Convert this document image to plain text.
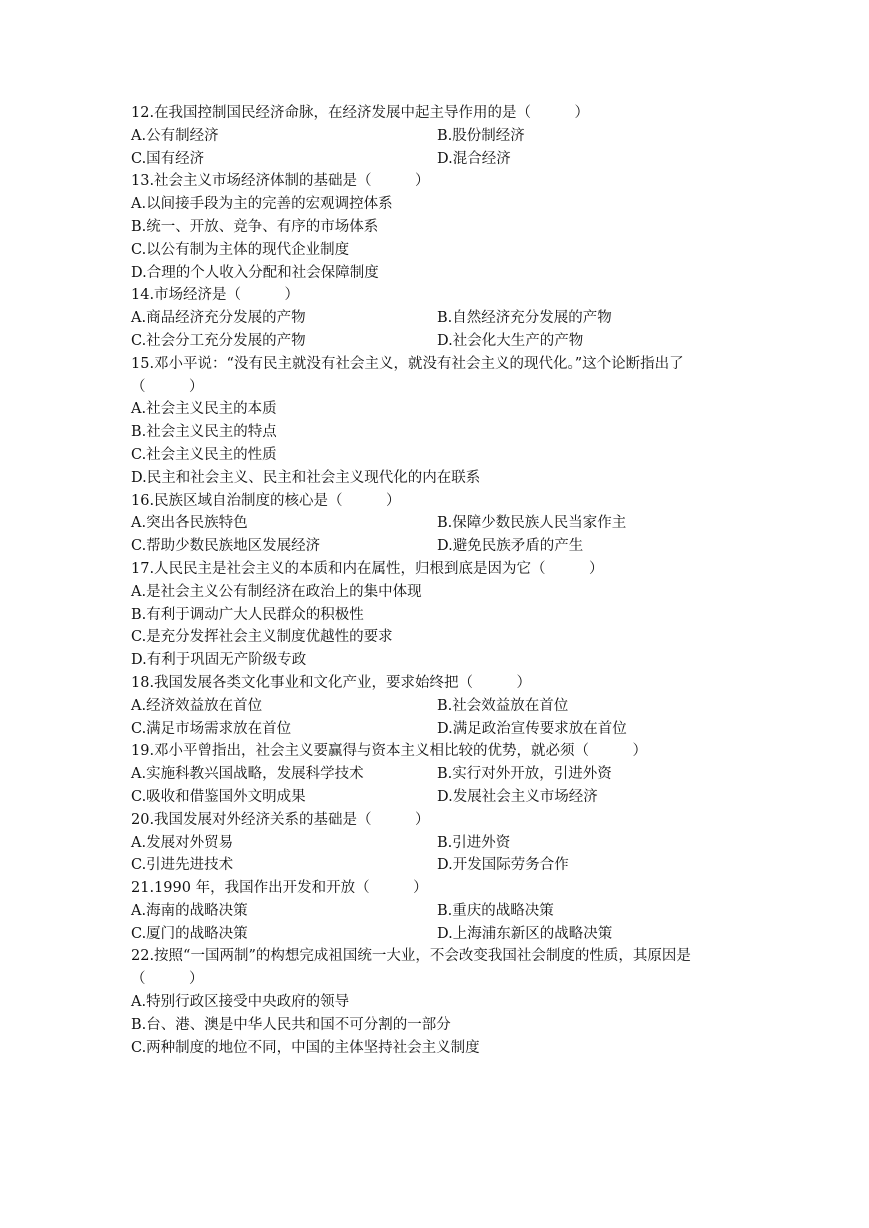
12.在我国控制国民经济命脉，在经济发展中起主导作用的是（　　　）
A.公有制经济	B.股份制经济
C.国有经济	D.混合经济
13.社会主义市场经济体制的基础是（　　　）
A.以间接手段为主的完善的宏观调控体系
B.统一、开放、竞争、有序的市场体系
C.以公有制为主体的现代企业制度
D.合理的个人收入分配和社会保障制度
14.市场经济是（　　　）
A.商品经济充分发展的产物	B.自然经济充分发展的产物
C.社会分工充分发展的产物	D.社会化大生产的产物
15.邓小平说：“没有民主就没有社会主义，就没有社会主义的现代化。”这个论断指出了（　　　）
A.社会主义民主的本质
B.社会主义民主的特点
C.社会主义民主的性质
D.民主和社会主义、民主和社会主义现代化的内在联系
16.民族区域自治制度的核心是（　　　）
A.突出各民族特色	B.保障少数民族人民当家作主
C.帮助少数民族地区发展经济	D.避免民族矛盾的产生
17.人民民主是社会主义的本质和内在属性，归根到底是因为它（　　　）
A.是社会主义公有制经济在政治上的集中体现
B.有利于调动广大人民群众的积极性
C.是充分发挥社会主义制度优越性的要求
D.有利于巩固无产阶级专政
18.我国发展各类文化事业和文化产业，要求始终把（　　　）
A.经济效益放在首位	B.社会效益放在首位
C.满足市场需求放在首位	D.满足政治宣传要求放在首位
19.邓小平曾指出，社会主义要赢得与资本主义相比较的优势，就必须（　　　）
A.实施科教兴国战略，发展科学技术	B.实行对外开放，引进外资
C.吸收和借鉴国外文明成果	D.发展社会主义市场经济
20.我国发展对外经济关系的基础是（　　　）
A.发展对外贸易	B.引进外资
C.引进先进技术	D.开发国际劳务合作
21.1990 年，我国作出开发和开放（　　　）
A.海南的战略决策	B.重庆的战略决策
C.厦门的战略决策	D.上海浦东新区的战略决策
22.按照“一国两制”的构想完成祖国统一大业，不会改变我国社会制度的性质，其原因是（　　　）
A.特别行政区接受中央政府的领导
B.台、港、澳是中华人民共和国不可分割的一部分
C.两种制度的地位不同，中国的主体坚持社会主义制度
